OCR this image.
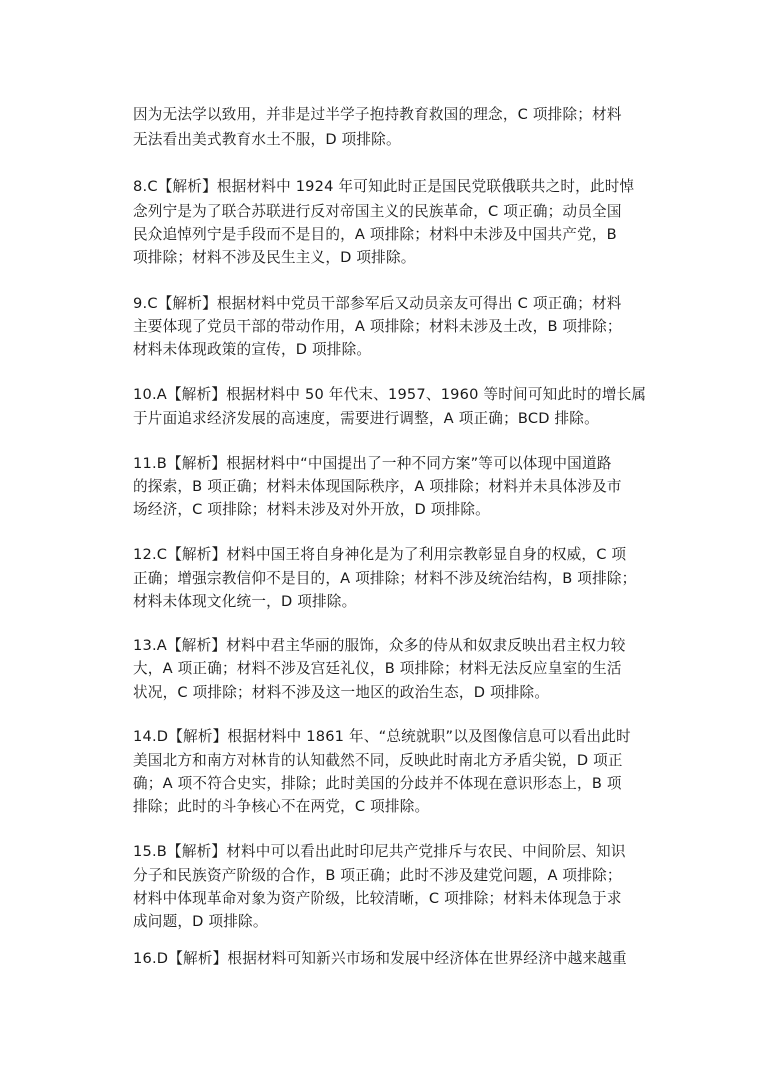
因为无法学以致用，并非是过半学子抱持教育救国的理念，C 项排除；材料
无法看出美式教育水土不服，D 项排除。
8.C【解析】根据材料中 1924 年可知此时正是国民党联俄联共之时，此时悼
念列宁是为了联合苏联进行反对帝国主义的民族革命，C 项正确；动员全国
民众追悼列宁是手段而不是目的，A 项排除；材料中未涉及中国共产党，B
项排除；材料不涉及民生主义，D 项排除。
9.C【解析】根据材料中党员干部参军后又动员亲友可得出 C 项正确；材料
主要体现了党员干部的带动作用，A 项排除；材料未涉及土改，B 项排除；
材料未体现政策的宣传，D 项排除。
10.A【解析】根据材料中 50 年代末、1957、1960 等时间可知此时的增长属
于片面追求经济发展的高速度，需要进行调整，A 项正确；BCD 排除。
11.B【解析】根据材料中“中国提出了一种不同方案”等可以体现中国道路
的探索，B 项正确；材料未体现国际秩序，A 项排除；材料并未具体涉及市
场经济，C 项排除；材料未涉及对外开放，D 项排除。
12.C【解析】材料中国王将自身神化是为了利用宗教彰显自身的权威，C 项
正确；增强宗教信仰不是目的，A 项排除；材料不涉及统治结构，B 项排除；
材料未体现文化统一，D 项排除。
13.A【解析】材料中君主华丽的服饰，众多的侍从和奴隶反映出君主权力较
大，A 项正确；材料不涉及宫廷礼仪，B 项排除；材料无法反应皇室的生活
状况，C 项排除；材料不涉及这一地区的政治生态，D 项排除。
14.D【解析】根据材料中 1861 年、“总统就职”以及图像信息可以看出此时
美国北方和南方对林肯的认知截然不同，反映此时南北方矛盾尖锐，D 项正
确；A 项不符合史实，排除；此时美国的分歧并不体现在意识形态上，B 项
排除；此时的斗争核心不在两党，C 项排除。
15.B【解析】材料中可以看出此时印尼共产党排斥与农民、中间阶层、知识
分子和民族资产阶级的合作，B 项正确；此时不涉及建党问题，A 项排除；
材料中体现革命对象为资产阶级，比较清晰，C 项排除；材料未体现急于求
成问题，D 项排除。
16.D【解析】根据材料可知新兴市场和发展中经济体在世界经济中越来越重
